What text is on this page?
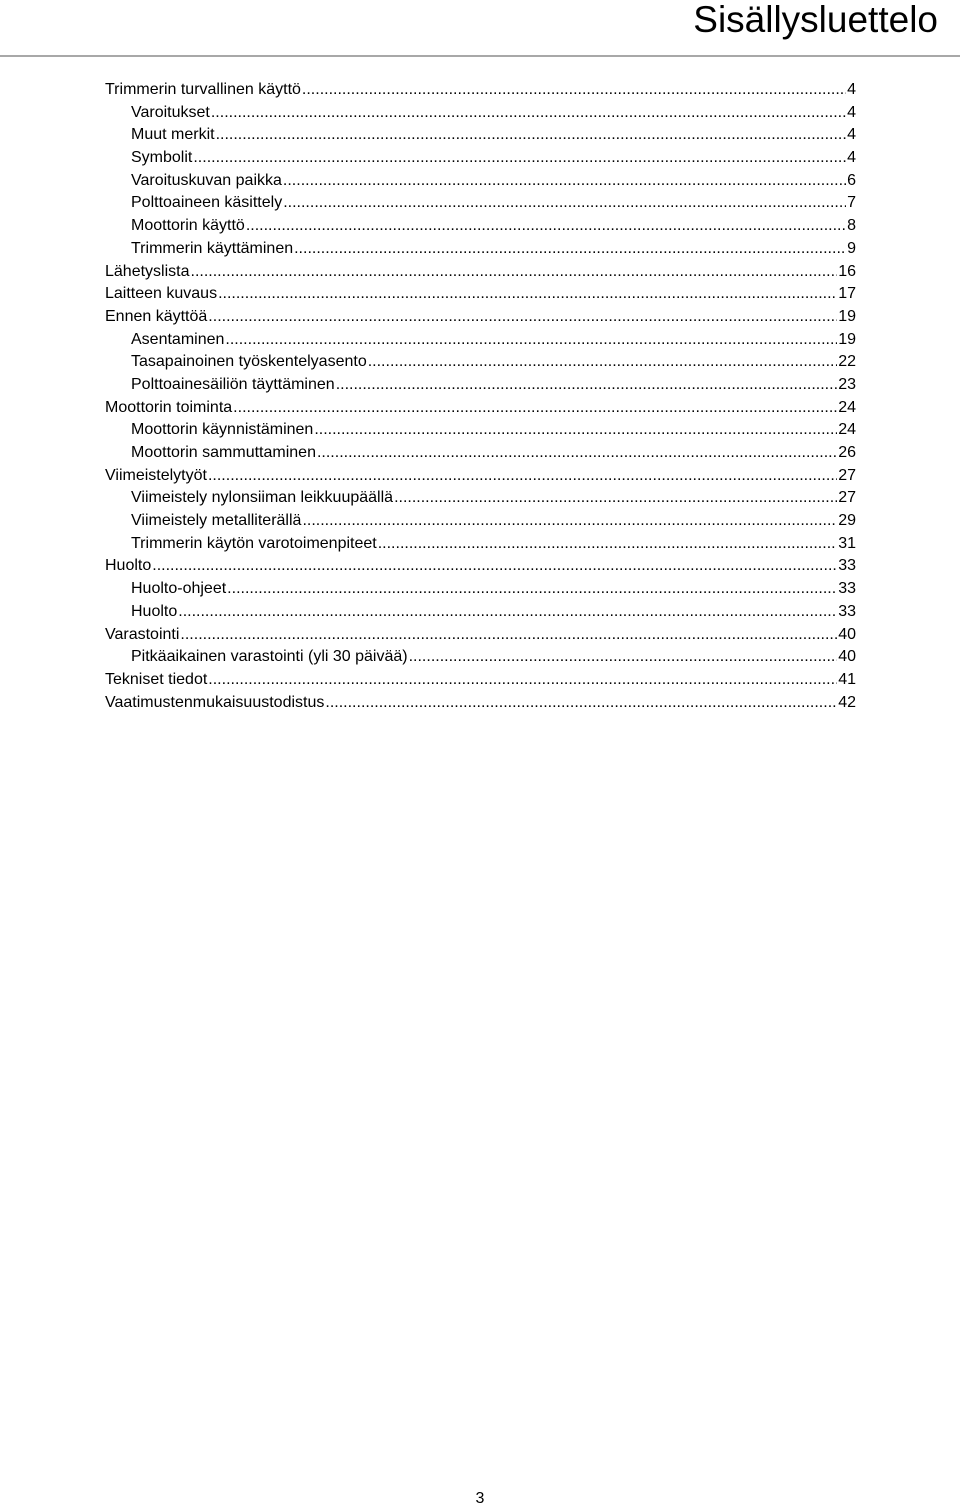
Sisällysluettelo
Trimmerin turvallinen käyttö .....	4
Varoitukset .....	4
Muut merkit .....	4
Symbolit .....	4
Varoituskuvan paikka .....	6
Polttoaineen käsittely .....	7
Moottorin käyttö .....	8
Trimmerin käyttäminen .....	9
Lähetyslista .....	16
Laitteen kuvaus .....	17
Ennen käyttöä .....	19
Asentaminen .....	19
Tasapainoinen työskentelyasento .....	22
Polttoainesäiliön täyttäminen .....	23
Moottorin toiminta .....	24
Moottorin käynnistäminen .....	24
Moottorin sammuttaminen .....	26
Viimeistelytyöt .....	27
Viimeistely nylonsiiman leikkuupäällä .....	27
Viimeistely metalliterällä .....	29
Trimmerin käytön varotoimenpiteet .....	31
Huolto .....	33
Huolto-ohjeet .....	33
Huolto .....	33
Varastointi .....	40
Pitkäaikainen varastointi (yli 30 päivää) .....	40
Tekniset tiedot .....	41
Vaatimustenmukaisuustodistus .....	42
3
